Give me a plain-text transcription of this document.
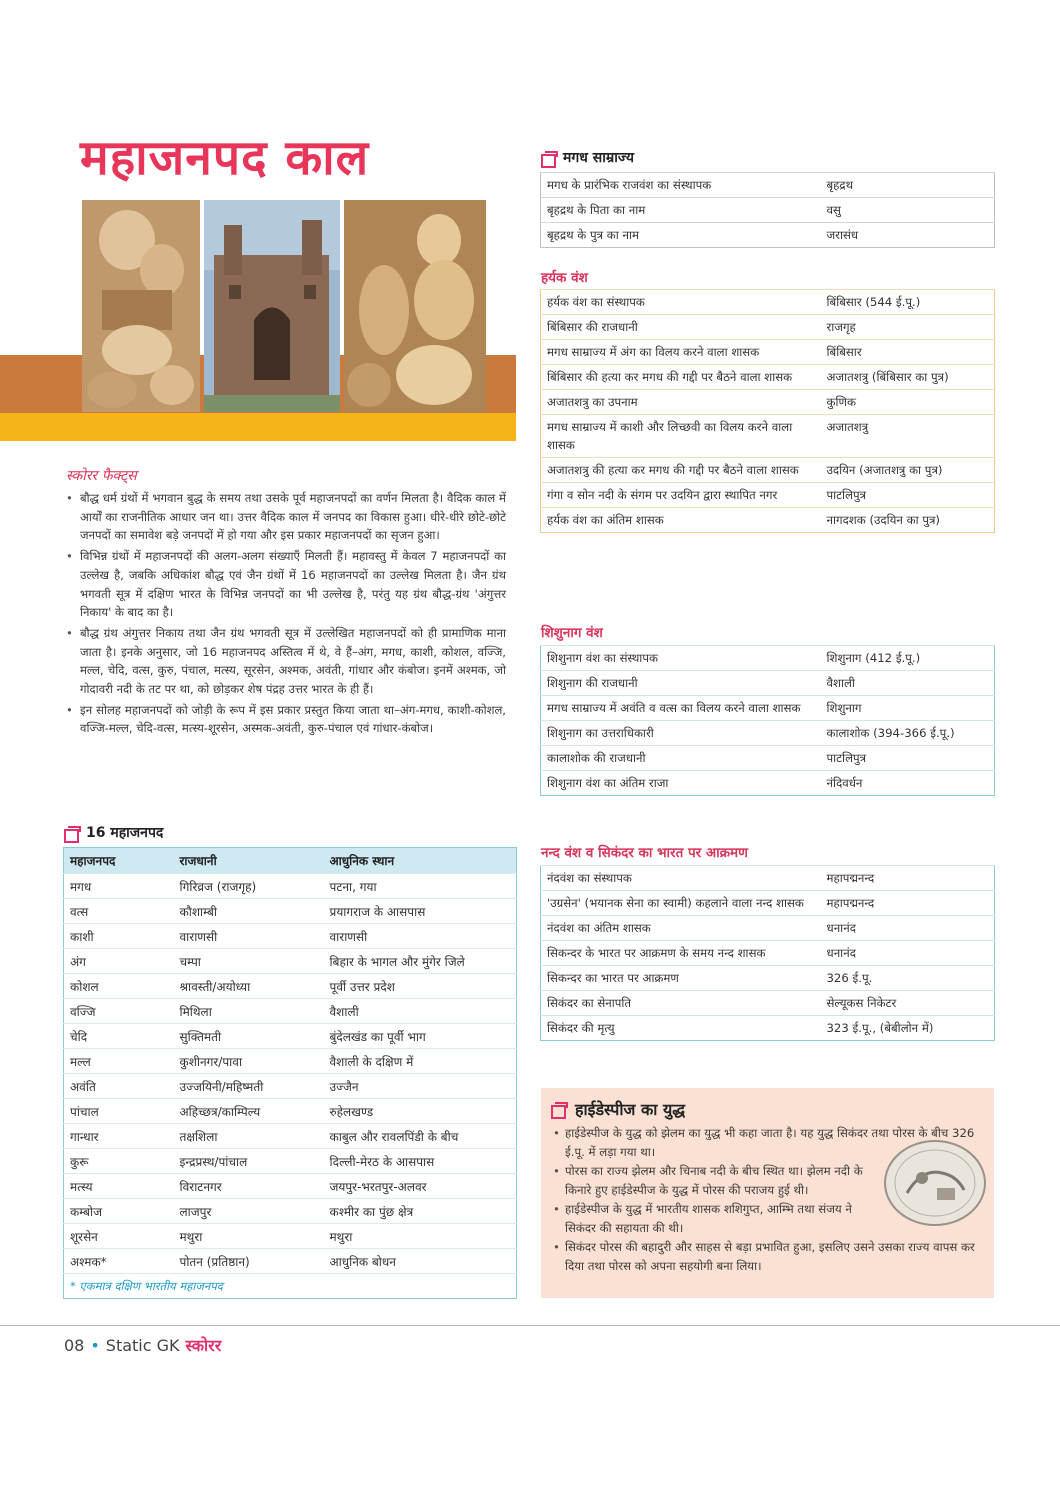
महाजनपद काल
स्कोरर फैक्ट्स
• बौद्ध धर्म ग्रंथों में भगवान बुद्ध के समय तथा उसके पूर्व महाजनपदों का वर्णन मिलता है। वैदिक काल में आर्यों का राजनीतिक आधार जन था। उत्तर वैदिक काल में जनपद का विकास हुआ। धीरे-धीरे छोटे-छोटे जनपदों का समावेश बड़े जनपदों में हो गया और इस प्रकार महाजनपदों का सृजन हुआ।
• विभिन्न ग्रंथों में महाजनपदों की अलग-अलग संख्याएँ मिलती हैं। महावस्तु में केवल 7 महाजनपदों का उल्लेख है, जबकि अधिकांश बौद्ध एवं जैन ग्रंथों में 16 महाजनपदों का उल्लेख मिलता है। जैन ग्रंथ भगवती सूत्र में दक्षिण भारत के विभिन्न जनपदों का भी उल्लेख है, परंतु यह ग्रंथ बौद्ध-ग्रंथ 'अंगुत्तर निकाय' के बाद का है।
• बौद्ध ग्रंथ अंगुत्तर निकाय तथा जैन ग्रंथ भगवती सूत्र में उल्लेखित महाजनपदों को ही प्रामाणिक माना जाता है। इनके अनुसार, जो 16 महाजनपद अस्तित्व में थे, वे हैं–अंग, मगध, काशी, कोशल, वज्जि, मल्ल, चेदि, वत्स, कुरु, पंचाल, मत्स्य, सूरसेन, अश्मक, अवंती, गांधार और कंबोज। इनमें अश्मक, जो गोदावरी नदी के तट पर था, को छोड़कर शेष पंद्रह उत्तर भारत के ही हैं।
• इन सोलह महाजनपदों को जोड़ी के रूप में इस प्रकार प्रस्तुत किया जाता था–अंग-मगध, काशी-कोशल, वज्जि-मल्ल, चेदि-वत्स, मत्स्य-शूरसेन, अस्मक-अवंती, कुरु-पंचाल एवं गांधार-कंबोज।
16 महाजनपद
महाजनपद	राजधानी	आधुनिक स्थान
मगध	गिरिव्रज (राजगृह)	पटना, गया
वत्स	कौशाम्बी	प्रयागराज के आसपास
काशी	वाराणसी	वाराणसी
अंग	चम्पा	बिहार के भागल और मुंगेर जिले
कोशल	श्रावस्ती/अयोध्या	पूर्वी उत्तर प्रदेश
वज्जि	मिथिला	वैशाली
चेदि	सुक्तिमती	बुंदेलखंड का पूर्वी भाग
मल्ल	कुशीनगर/पावा	वैशाली के दक्षिण में
अवंति	उज्जयिनी/महिष्मती	उज्जैन
पांचाल	अहिच्छत्र/काम्पिल्य	रुहेलखण्ड
गान्धार	तक्षशिला	काबुल और रावलपिंडी के बीच
कुरू	इन्द्रप्रस्थ/पांचाल	दिल्ली-मेरठ के आसपास
मत्स्य	विराटनगर	जयपुर-भरतपुर-अलवर
कम्बोज	लाजपुर	कश्मीर का पुंछ क्षेत्र
शूरसेन	मथुरा	मथुरा
अश्मक*	पोतन (प्रतिष्ठान)	आधुनिक बोधन
* एकमात्र दक्षिण भारतीय महाजनपद		
मगध साम्राज्य
मगध के प्रारंभिक राजवंश का संस्थापक	बृहद्रथ
बृहद्रथ के पिता का नाम	वसु
बृहद्रथ के पुत्र का नाम	जरासंध
हर्यक वंश
हर्यक वंश का संस्थापक	बिंबिसार (544 ई.पू.)
बिंबिसार की राजधानी	राजगृह
मगध साम्राज्य में अंग का विलय करने वाला शासक	बिंबिसार
बिंबिसार की हत्या कर मगध की गद्दी पर बैठने वाला शासक	अजातशत्रु (बिंबिसार का पुत्र)
अजातशत्रु का उपनाम	कुणिक
मगध साम्राज्य में काशी और लिच्छवी का विलय करने वाला शासक	अजातशत्रु
अजातशत्रु की हत्या कर मगध की गद्दी पर बैठने वाला शासक	उदयिन (अजातशत्रु का पुत्र)
गंगा व सोन नदी के संगम पर उदयिन द्वारा स्थापित नगर	पाटलिपुत्र
हर्यक वंश का अंतिम शासक	नागदशक (उदयिन का पुत्र)
शिशुनाग वंश
शिशुनाग वंश का संस्थापक	शिशुनाग (412 ई.पू.)
शिशुनाग की राजधानी	वैशाली
मगध साम्राज्य में अवंति व वत्स का विलय करने वाला शासक	शिशुनाग
शिशुनाग का उत्तराधिकारी	कालाशोक (394-366 ई.पू.)
कालाशोक की राजधानी	पाटलिपुत्र
शिशुनाग वंश का अंतिम राजा	नंदिवर्धन
नन्द वंश व सिकंदर का भारत पर आक्रमण
नंदवंश का संस्थापक	महापद्मनन्द
'उग्रसेन' (भयानक सेना का स्वामी) कहलाने वाला नन्द शासक	महापद्मनन्द
नंदवंश का अंतिम शासक	धनानंद
सिकन्दर के भारत पर आक्रमण के समय नन्द शासक	धनानंद
सिकन्दर का भारत पर आक्रमण	326 ई.पू.
सिकंदर का सेनापति	सेल्यूकस निकेटर
सिकंदर की मृत्यु	323 ई.पू., (बेबीलोन में)
हाईडेस्पीज का युद्ध
• हाईडेस्पीज के युद्ध को झेलम का युद्ध भी कहा जाता है। यह युद्ध सिकंदर तथा पोरस के बीच 326 ई.पू. में लड़ा गया था।
• पोरस का राज्य झेलम और चिनाब नदी के बीच स्थित था। झेलम नदी के किनारे हुए हाईडेस्पीज के युद्ध में पोरस की पराजय हुई थी।
• हाईडेस्पीज के युद्ध में भारतीय शासक शशिगुप्त, आम्भि तथा संजय ने सिकंदर की सहायता की थी।
• सिकंदर पोरस की बहादुरी और साहस से बड़ा प्रभावित हुआ, इसलिए उसने उसका राज्य वापस कर दिया तथा पोरस को अपना सहयोगी बना लिया।
08 • Static GK स्कोरर
